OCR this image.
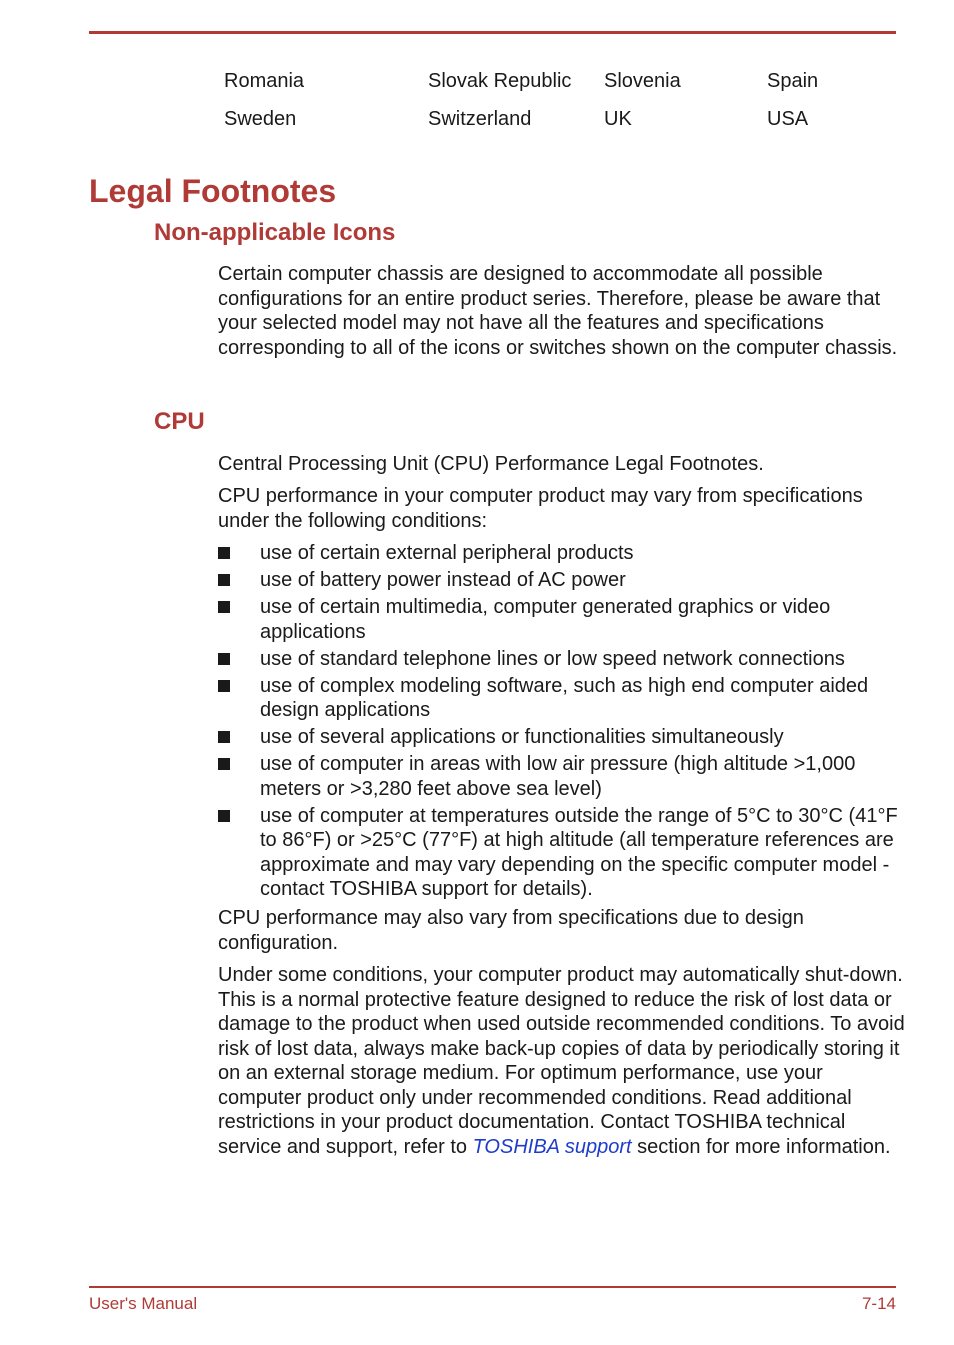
Romania	Slovak Republic	Slovenia	Spain
Sweden	Switzerland	UK	USA
Legal Footnotes
Non-applicable Icons

Certain computer chassis are designed to accommodate all possible configurations for an entire product series. Therefore, please be aware that your selected model may not have all the features and specifications corresponding to all of the icons or switches shown on the computer chassis.

CPU

Central Processing Unit (CPU) Performance Legal Footnotes.

CPU performance in your computer product may vary from specifications under the following conditions:

use of certain external peripheral products
use of battery power instead of AC power
use of certain multimedia, computer generated graphics or video applications
use of standard telephone lines or low speed network connections
use of complex modeling software, such as high end computer aided design applications
use of several applications or functionalities simultaneously
use of computer in areas with low air pressure (high altitude >1,000 meters or >3,280 feet above sea level)
use of computer at temperatures outside the range of 5°C to 30°C (41°F to 86°F) or >25°C (77°F) at high altitude (all temperature references are approximate and may vary depending on the specific computer model - contact TOSHIBA support for details).

CPU performance may also vary from specifications due to design configuration.

Under some conditions, your computer product may automatically shut-down. This is a normal protective feature designed to reduce the risk of lost data or damage to the product when used outside recommended conditions. To avoid risk of lost data, always make back-up copies of data by periodically storing it on an external storage medium. For optimum performance, use your computer product only under recommended conditions. Read additional restrictions in your product documentation. Contact TOSHIBA technical service and support, refer to TOSHIBA support section for more information.

User's Manual	7-14
